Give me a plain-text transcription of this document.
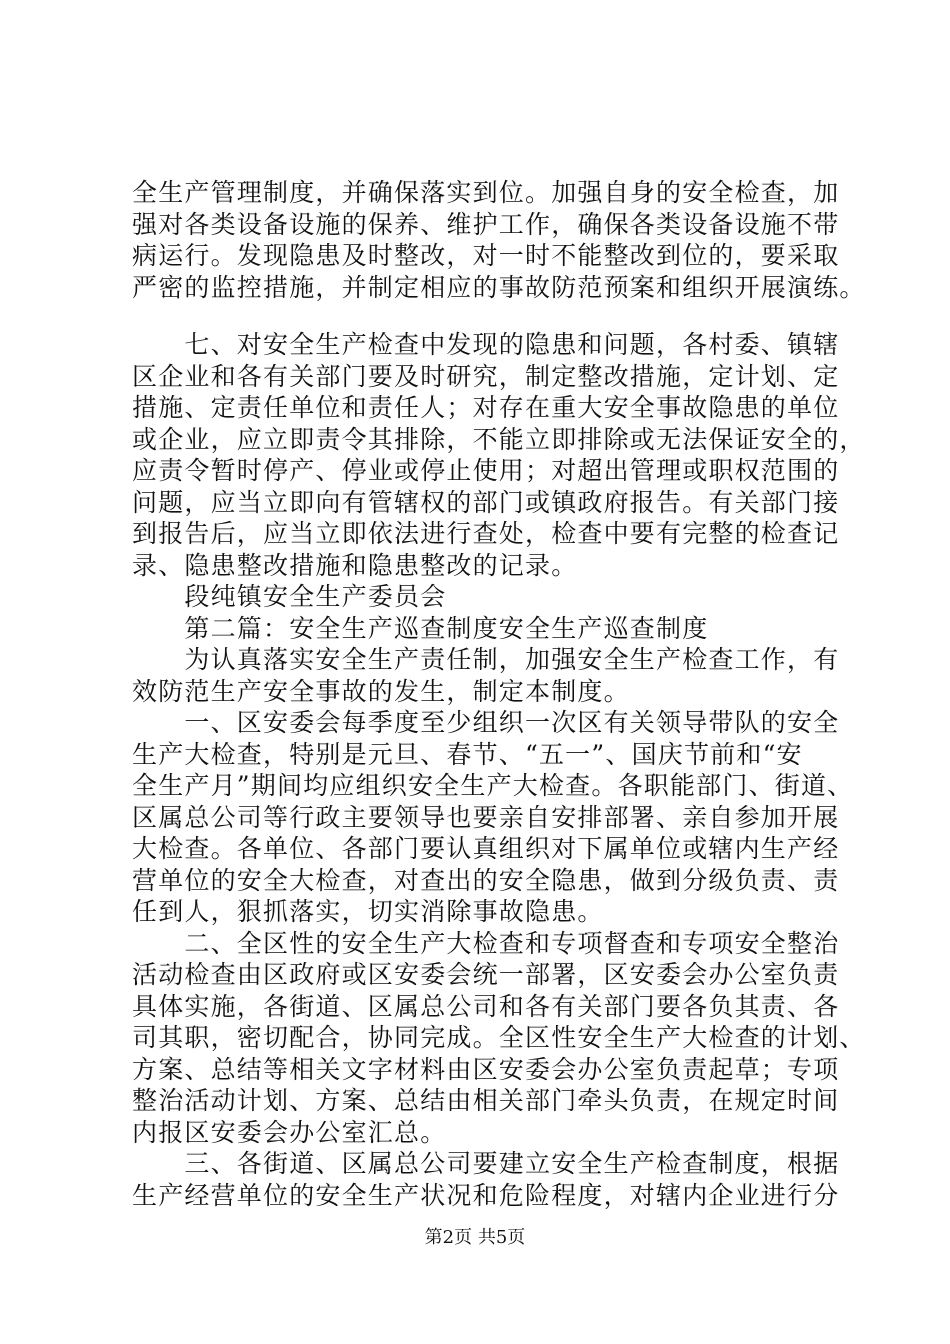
全生产管理制度，并确保落实到位。加强自身的安全检查，加
强对各类设备设施的保养、维护工作，确保各类设备设施不带
病运行。发现隐患及时整改，对一时不能整改到位的，要采取
严密的监控措施，并制定相应的事故防范预案和组织开展演练。
　　七、对安全生产检查中发现的隐患和问题，各村委、镇辖
区企业和各有关部门要及时研究，制定整改措施，定计划、定
措施、定责任单位和责任人；对存在重大安全事故隐患的单位
或企业，应立即责令其排除，不能立即排除或无法保证安全的，
应责令暂时停产、停业或停止使用；对超出管理或职权范围的
问题，应当立即向有管辖权的部门或镇政府报告。有关部门接
到报告后，应当立即依法进行查处，检查中要有完整的检查记
录、隐患整改措施和隐患整改的记录。
　　段纯镇安全生产委员会
　　第二篇：安全生产巡查制度安全生产巡查制度
　　为认真落实安全生产责任制，加强安全生产检查工作，有
效防范生产安全事故的发生，制定本制度。
　　一、区安委会每季度至少组织一次区有关领导带队的安全
生产大检查，特别是元旦、春节、“五一”、国庆节前和“安
全生产月”期间均应组织安全生产大检查。各职能部门、街道、
区属总公司等行政主要领导也要亲自安排部署、亲自参加开展
大检查。各单位、各部门要认真组织对下属单位或辖内生产经
营单位的安全大检查，对查出的安全隐患，做到分级负责、责
任到人，狠抓落实，切实消除事故隐患。
　　二、全区性的安全生产大检查和专项督查和专项安全整治
活动检查由区政府或区安委会统一部署，区安委会办公室负责
具体实施，各街道、区属总公司和各有关部门要各负其责、各
司其职，密切配合，协同完成。全区性安全生产大检查的计划、
方案、总结等相关文字材料由区安委会办公室负责起草；专项
整治活动计划、方案、总结由相关部门牵头负责，在规定时间
内报区安委会办公室汇总。
　　三、各街道、区属总公司要建立安全生产检查制度，根据
生产经营单位的安全生产状况和危险程度，对辖内企业进行分
第2页 共5页
